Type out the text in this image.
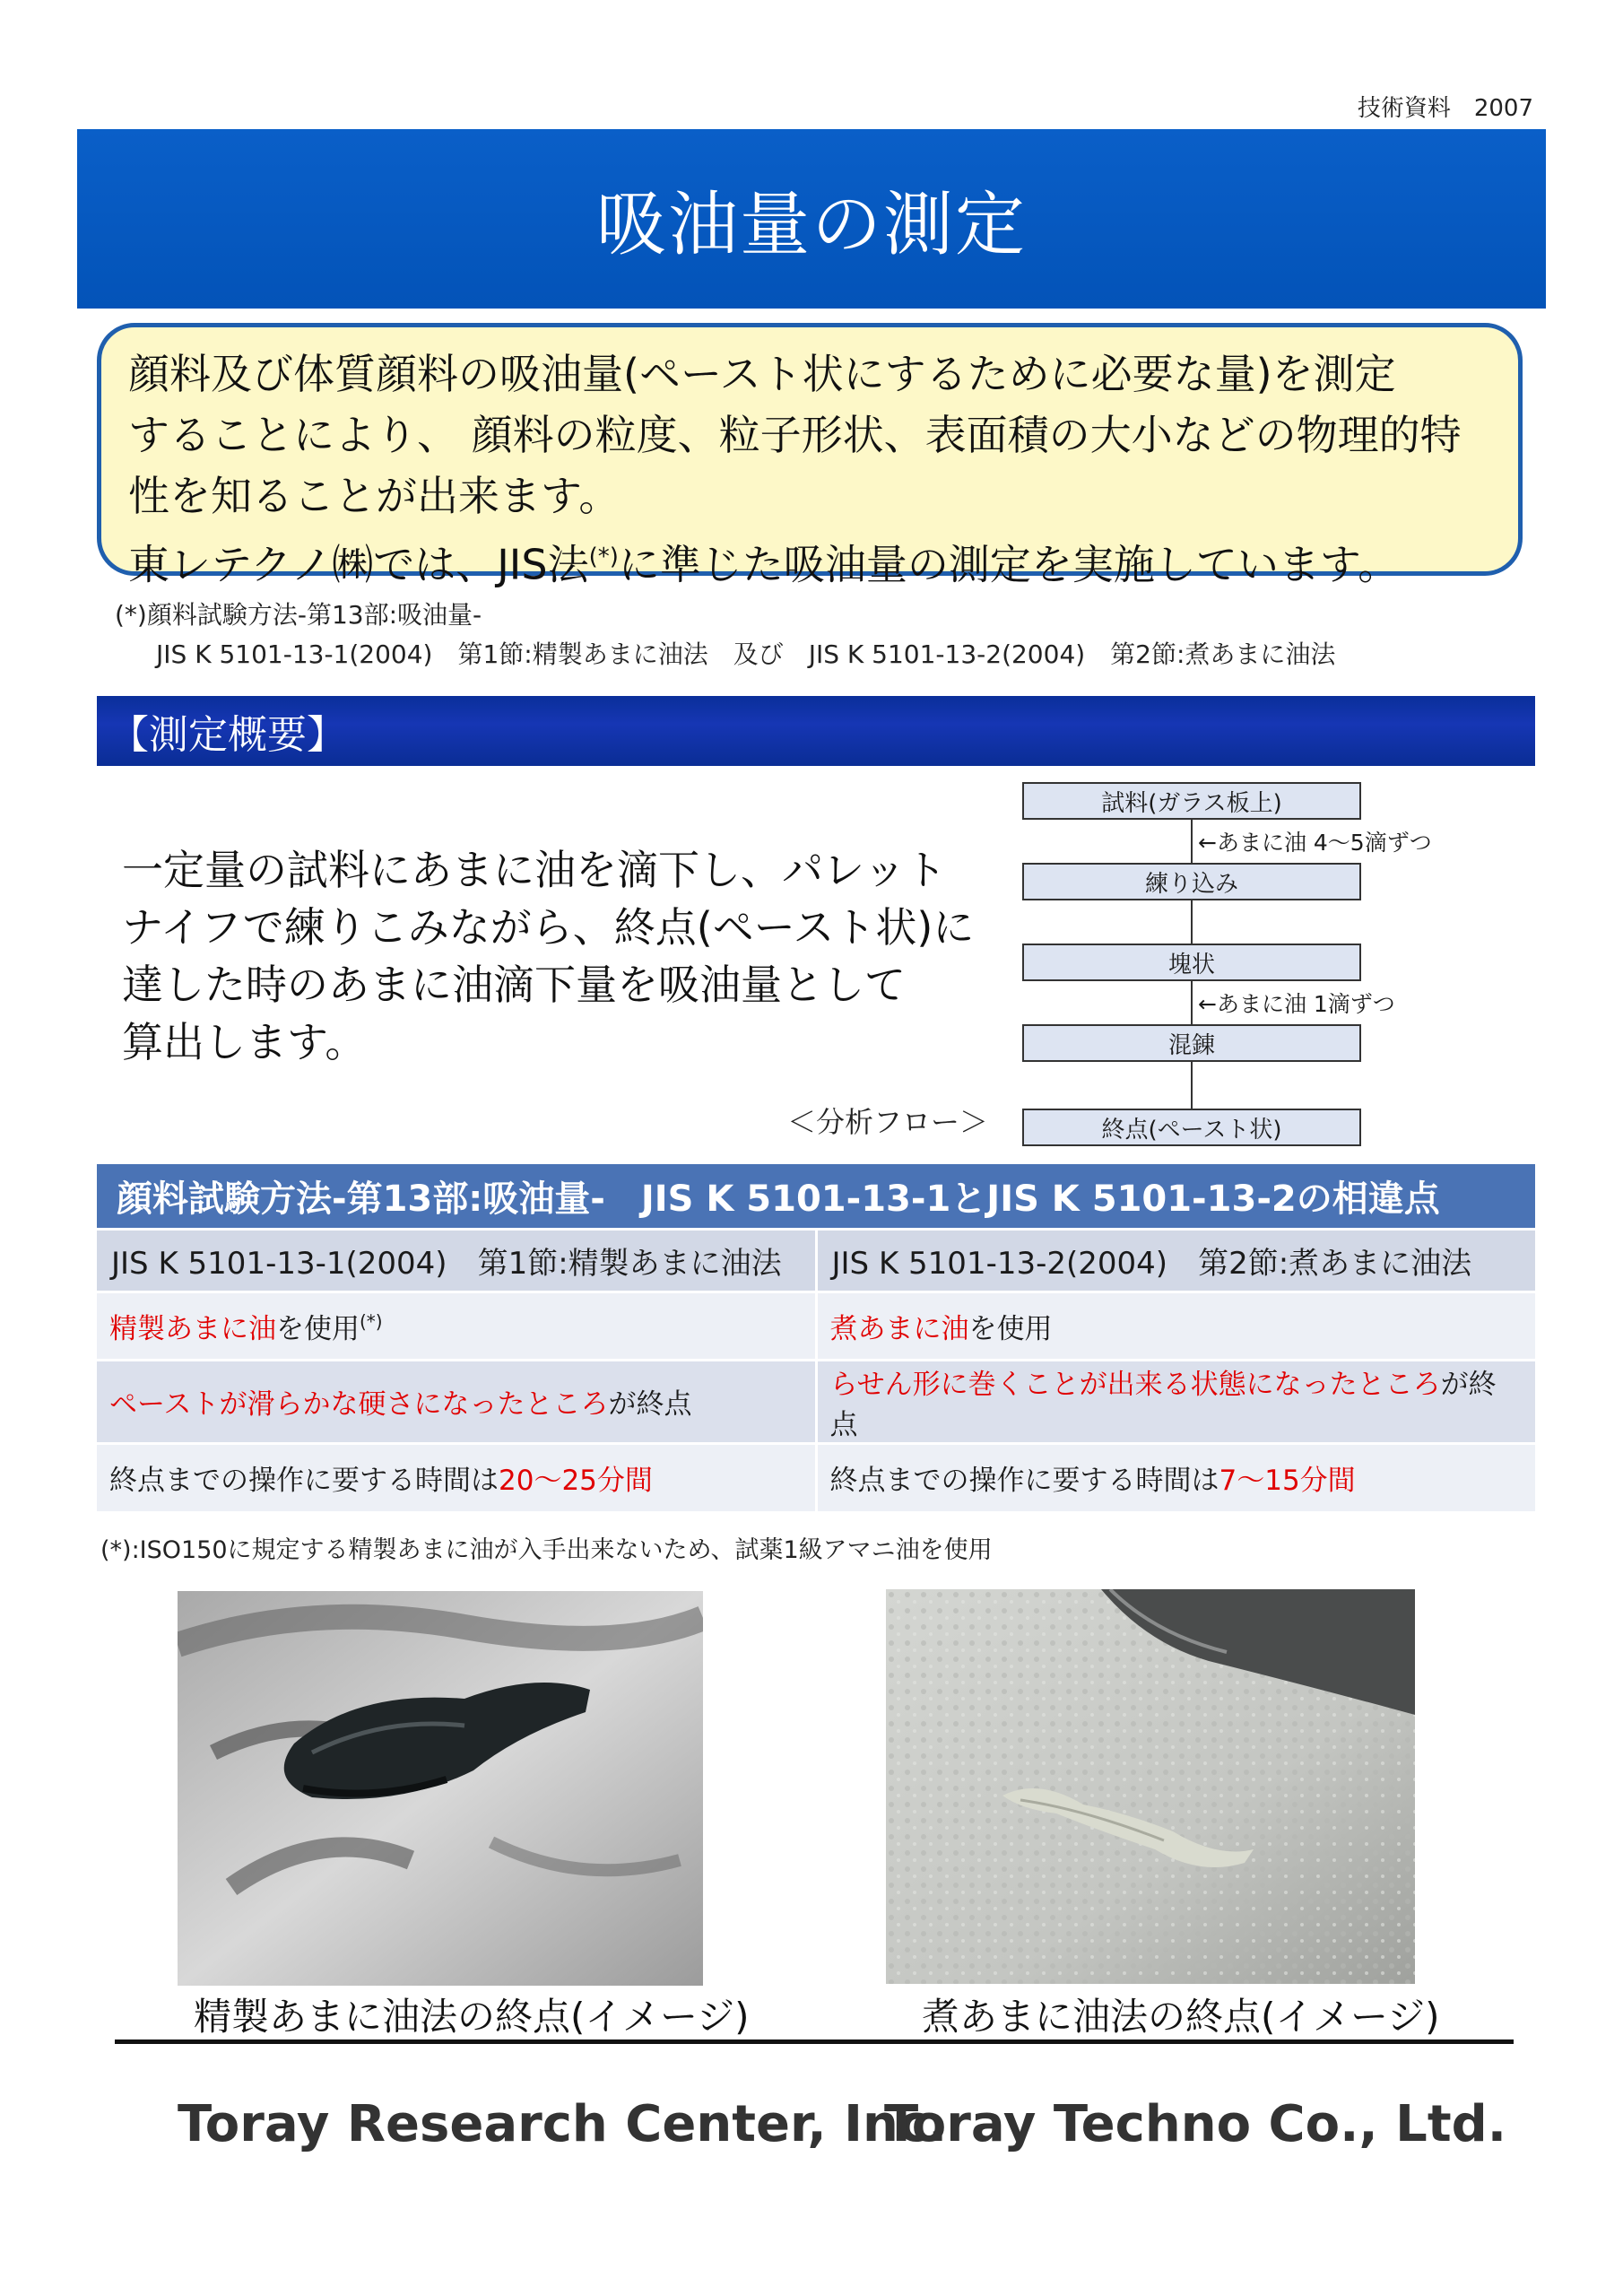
技術資料　2007
吸油量の測定

顔料及び体質顔料の吸油量(ペースト状にするために必要な量)を測定

することにより、 顔料の粒度、粒子形状、表面積の大小などの物理的特

性を知ることが出来ます。

東レテクノ㈱では、JIS法(*)に準じた吸油量の測定を実施しています。

(*)顔料試験方法-第13部:吸油量-
JIS K 5101-13-1(2004)　第1節:精製あまに油法　及び　JIS K 5101-13-2(2004)　第2節:煮あまに油法
【測定概要】
一定量の試料にあまに油を滴下し、パレット
ナイフで練りこみながら、終点(ペースト状)に
達した時のあまに油滴下量を吸油量として
算出します。
＜分析フロー＞
試料(ガラス板上)
←あまに油 4～5滴ずつ
練り込み
塊状
←あまに油 1滴ずつ
混錬
終点(ペースト状)
顔料試験方法-第13部:吸油量-　JIS K 5101-13-1とJIS K 5101-13-2の相違点	
JIS K 5101-13-1(2004)　第1節:精製あまに油法	JIS K 5101-13-2(2004)　第2節:煮あまに油法
精製あまに油を使用(*)	煮あまに油を使用
ペーストが滑らかな硬さになったところが終点	らせん形に巻くことが出来る状態になったところが終点
終点までの操作に要する時間は20～25分間	終点までの操作に要する時間は7～15分間
(*):ISO150に規定する精製あまに油が入手出来ないため、試薬1級アマニ油を使用
精製あまに油法の終点(イメージ)	煮あまに油法の終点(イメージ)
Toray Research Center, Inc.
Toray Techno Co., Ltd.
